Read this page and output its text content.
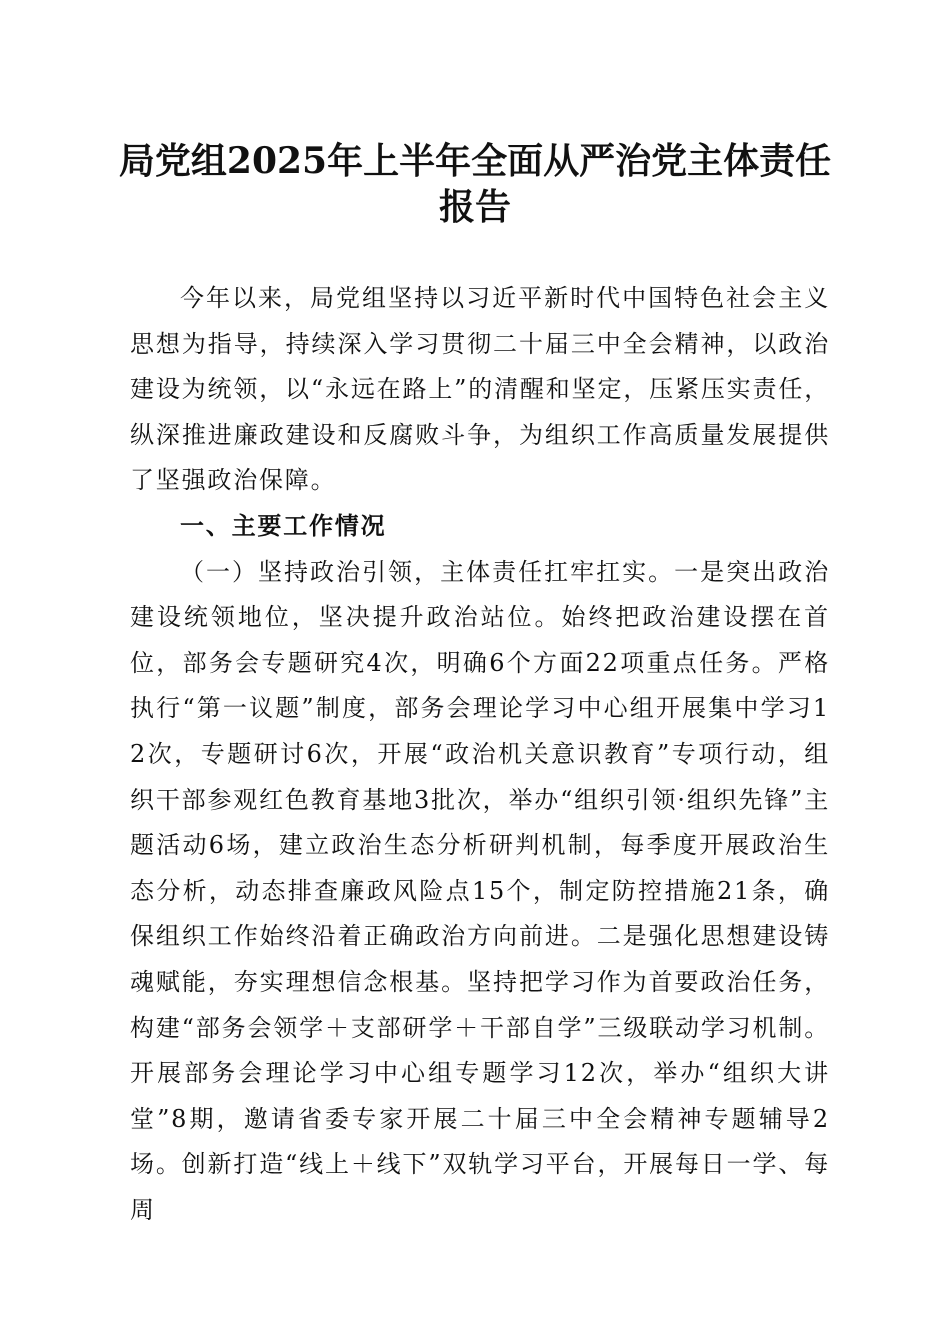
局党组2025年上半年全面从严治党主体责任
报告

今年以来，局党组坚持以习近平新时代中国特色社会主义思想为指导，持续深入学习贯彻二十届三中全会精神，以政治建设为统领，以“永远在路上”的清醒和坚定，压紧压实责任，纵深推进廉政建设和反腐败斗争，为组织工作高质量发展提供了坚强政治保障。

一、主要工作情况

（一）坚持政治引领，主体责任扛牢扛实。一是突出政治建设统领地位，坚决提升政治站位。始终把政治建设摆在首位，部务会专题研究4次，明确6个方面22项重点任务。严格执行“第一议题”制度，部务会理论学习中心组开展集中学习12次，专题研讨6次，开展“政治机关意识教育”专项行动，组织干部参观红色教育基地3批次，举办“组织引领·组织先锋”主题活动6场，建立政治生态分析研判机制，每季度开展政治生态分析，动态排查廉政风险点15个，制定防控措施21条，确保组织工作始终沿着正确政治方向前进。二是强化思想建设铸魂赋能，夯实理想信念根基。坚持把学习作为首要政治任务，构建“部务会领学＋支部研学＋干部自学”三级联动学习机制。开展部务会理论学习中心组专题学习12次，举办“组织大讲堂”8期，邀请省委专家开展二十届三中全会精神专题辅导2场。创新打造“线上＋线下”双轨学习平台，开展每日一学、每周
